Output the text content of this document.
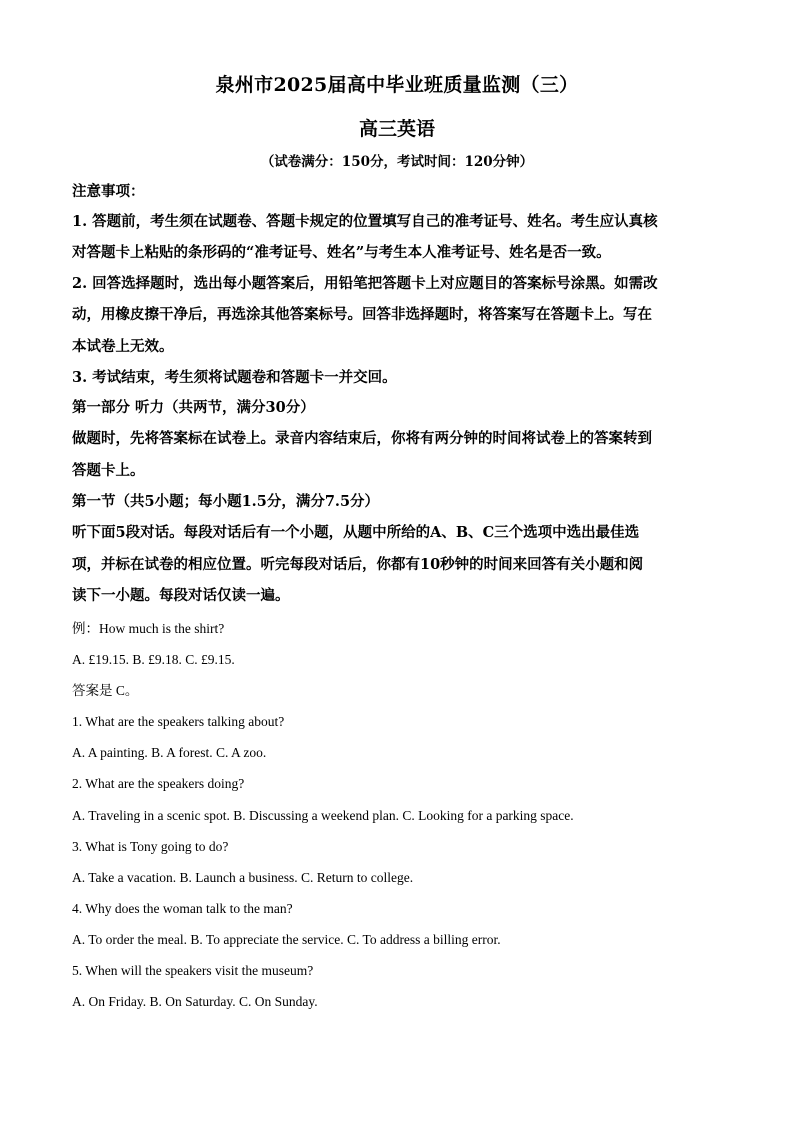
泉州市2025届高中毕业班质量监测（三）
高三英语
（试卷满分：150分，考试时间：120分钟）
注意事项：
1. 答题前，考生须在试题卷、答题卡规定的位置填写自己的准考证号、姓名。考生应认真核
对答题卡上粘贴的条形码的“准考证号、姓名”与考生本人准考证号、姓名是否一致。
2. 回答选择题时，选出每小题答案后，用铅笔把答题卡上对应题目的答案标号涂黑。如需改
动，用橡皮擦干净后，再选涂其他答案标号。回答非选择题时，将答案写在答题卡上。写在
本试卷上无效。
3. 考试结束，考生须将试题卷和答题卡一并交回。
第一部分 听力（共两节，满分30分）
做题时，先将答案标在试卷上。录音内容结束后，你将有两分钟的时间将试卷上的答案转到
答题卡上。
第一节（共5小题；每小题1.5分，满分7.5分）
听下面5段对话。每段对话后有一个小题，从题中所给的A、B、C三个选项中选出最佳选
项，并标在试卷的相应位置。听完每段对话后，你都有10秒钟的时间来回答有关小题和阅
读下一小题。每段对话仅读一遍。
例：How much is the shirt?
A. £19.15. B. £9.18. C. £9.15.
答案是 C。
1. What are the speakers talking about?
A. A painting. B. A forest. C. A zoo.
2. What are the speakers doing?
A. Traveling in a scenic spot. B. Discussing a weekend plan. C. Looking for a parking space.
3. What is Tony going to do?
A. Take a vacation. B. Launch a business. C. Return to college.
4. Why does the woman talk to the man?
A. To order the meal. B. To appreciate the service. C. To address a billing error.
5. When will the speakers visit the museum?
A. On Friday. B. On Saturday. C. On Sunday.
